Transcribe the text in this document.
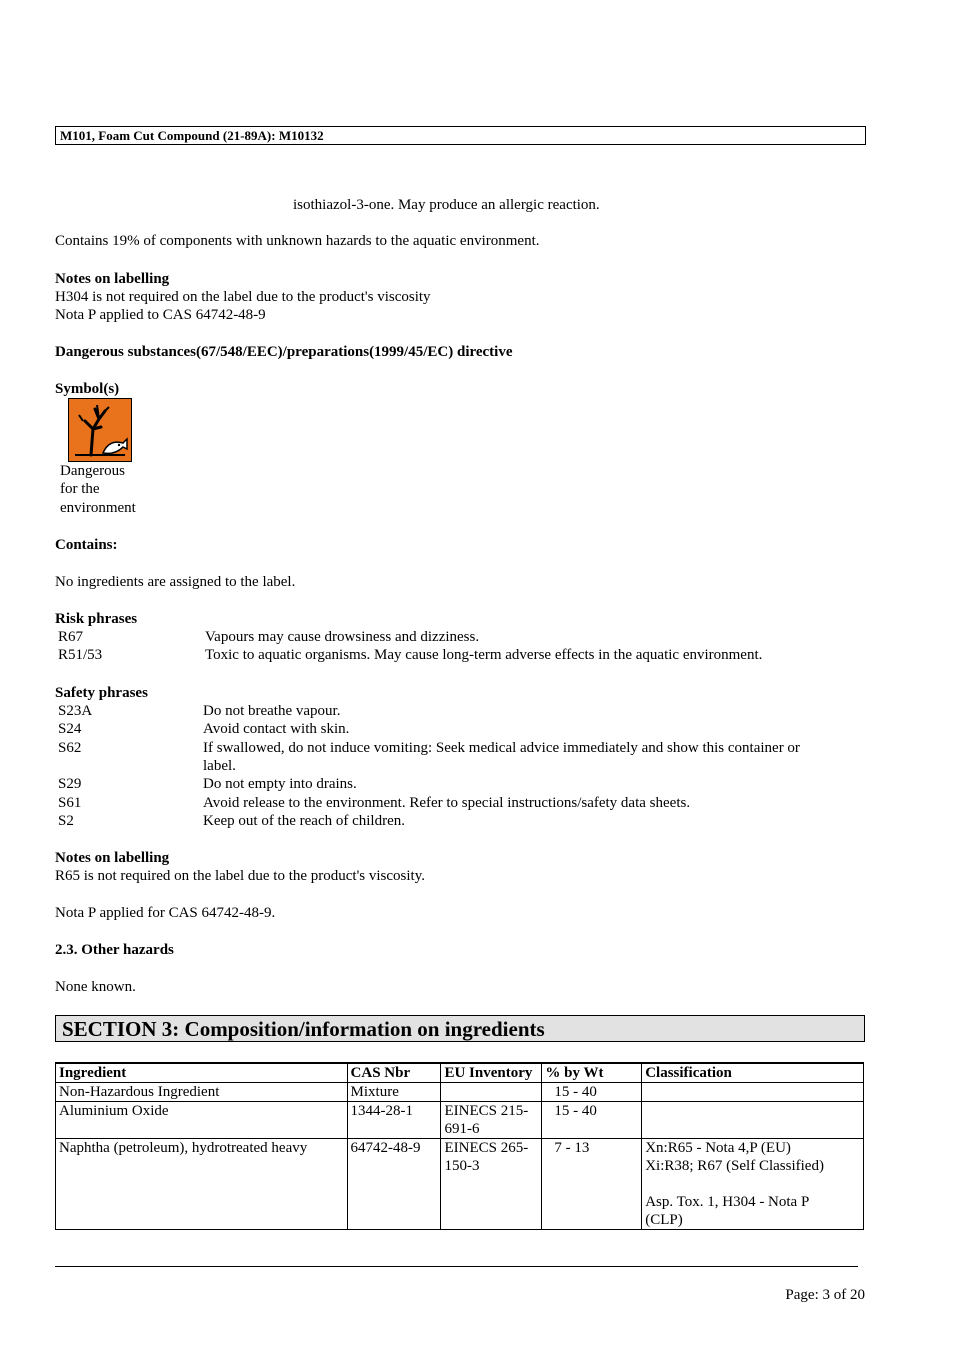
M101, Foam Cut Compound (21-89A): M10132
isothiazol-3-one. May produce an allergic reaction.
Contains 19% of components with unknown hazards to the aquatic environment.
Notes on labelling
H304 is not required on the label due to the product's viscosity
Nota P applied to CAS 64742-48-9
Dangerous substances(67/548/EEC)/preparations(1999/45/EC) directive
Symbol(s)
Dangerous
for the
environment
Contains:
No ingredients are assigned to the label.
Risk phrases
R67	Vapours may cause drowsiness and dizziness.
R51/53	Toxic to aquatic organisms. May cause long-term adverse effects in the aquatic environment.
Safety phrases
S23A	Do not breathe vapour.
S24	Avoid contact with skin.
S62	If swallowed, do not induce vomiting: Seek medical advice immediately and show this container or
label.
S29	Do not empty into drains.
S61	Avoid release to the environment. Refer to special instructions/safety data sheets.
S2	Keep out of the reach of children.
Notes on labelling
R65 is not required on the label due to the product's viscosity.
Nota P applied for CAS 64742-48-9.
2.3. Other hazards
None known.
SECTION 3: Composition/information on ingredients
Ingredient	CAS Nbr	EU Inventory	% by Wt	Classification
Non-Hazardous Ingredient	Mixture		15 - 40	
Aluminium Oxide	1344-28-1	EINECS 215-
691-6	15 - 40	
Naphtha (petroleum), hydrotreated heavy	64742-48-9	EINECS 265-
150-3	7 - 13	Xn:R65 - Nota 4,P (EU)
Xi:R38; R67 (Self Classified)
Asp. Tox. 1, H304 - Nota P
(CLP)
Page: 3 of 20
